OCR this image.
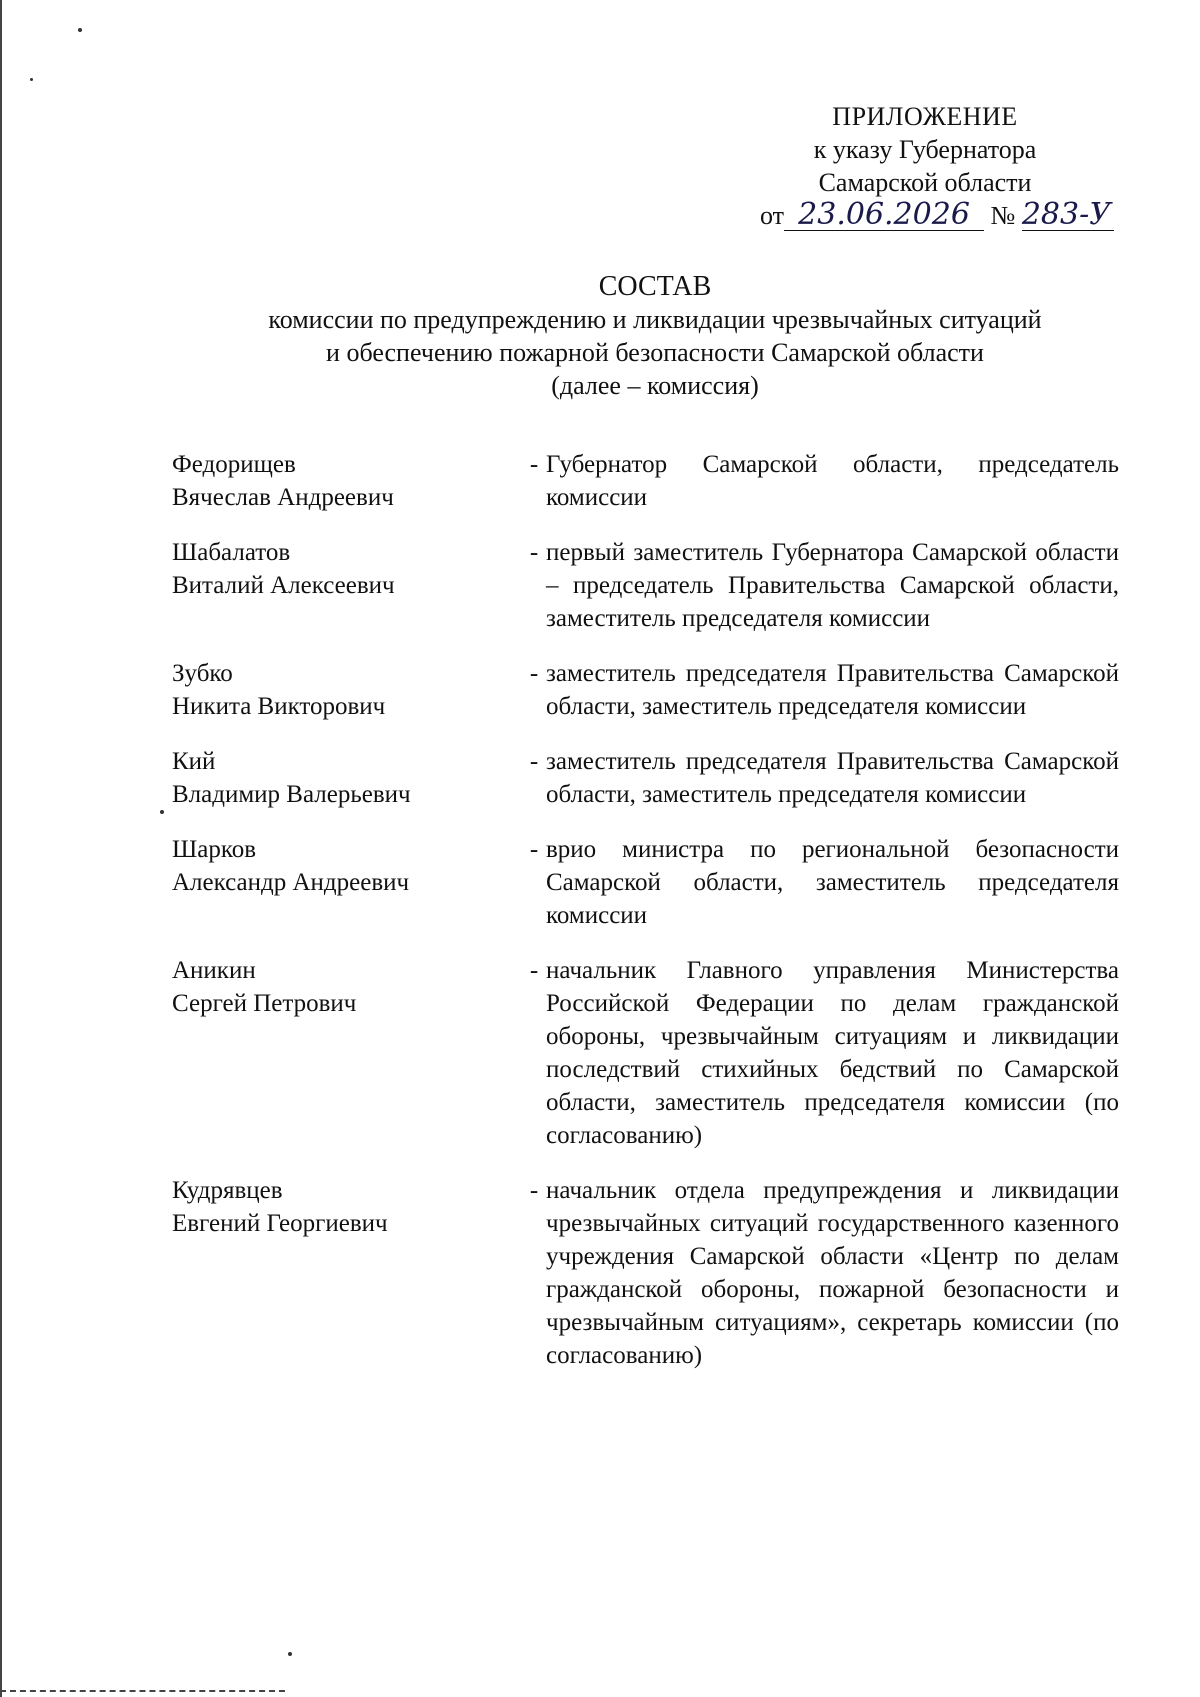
ПРИЛОЖЕНИЕ
к указу Губернатора
Самарской области
от 23.06.2026 № 283-У
СОСТАВ
комиссии по предупреждению и ликвидации чрезвычайных ситуаций
и обеспечению пожарной безопасности Самарской области
(далее – комиссия)
Федорищев
Вячеслав Андреевич
- Губернатор Самарской области, председатель комиссии
Шабалатов
Виталий Алексеевич
- первый заместитель Губернатора Самарской области – председатель Правительства Самарской области, заместитель председателя комиссии
Зубко
Никита Викторович
- заместитель председателя Правительства Самарской области, заместитель председателя комиссии
Кий
Владимир Валерьевич
- заместитель председателя Правительства Самарской области, заместитель председателя комиссии
Шарков
Александр Андреевич
- врио министра по региональной безопасности Самарской области, заместитель председателя комиссии
Аникин
Сергей Петрович
- начальник Главного управления Министерства Российской Федерации по делам гражданской обороны, чрезвычайным ситуациям и ликвидации последствий стихийных бедствий по Самарской области, заместитель председателя комиссии (по согласованию)
Кудрявцев
Евгений Георгиевич
- начальник отдела предупреждения и ликвидации чрезвычайных ситуаций государственного казенного учреждения Самарской области «Центр по делам гражданской обороны, пожарной безопасности и чрезвычайным ситуациям», секретарь комиссии (по согласованию)
